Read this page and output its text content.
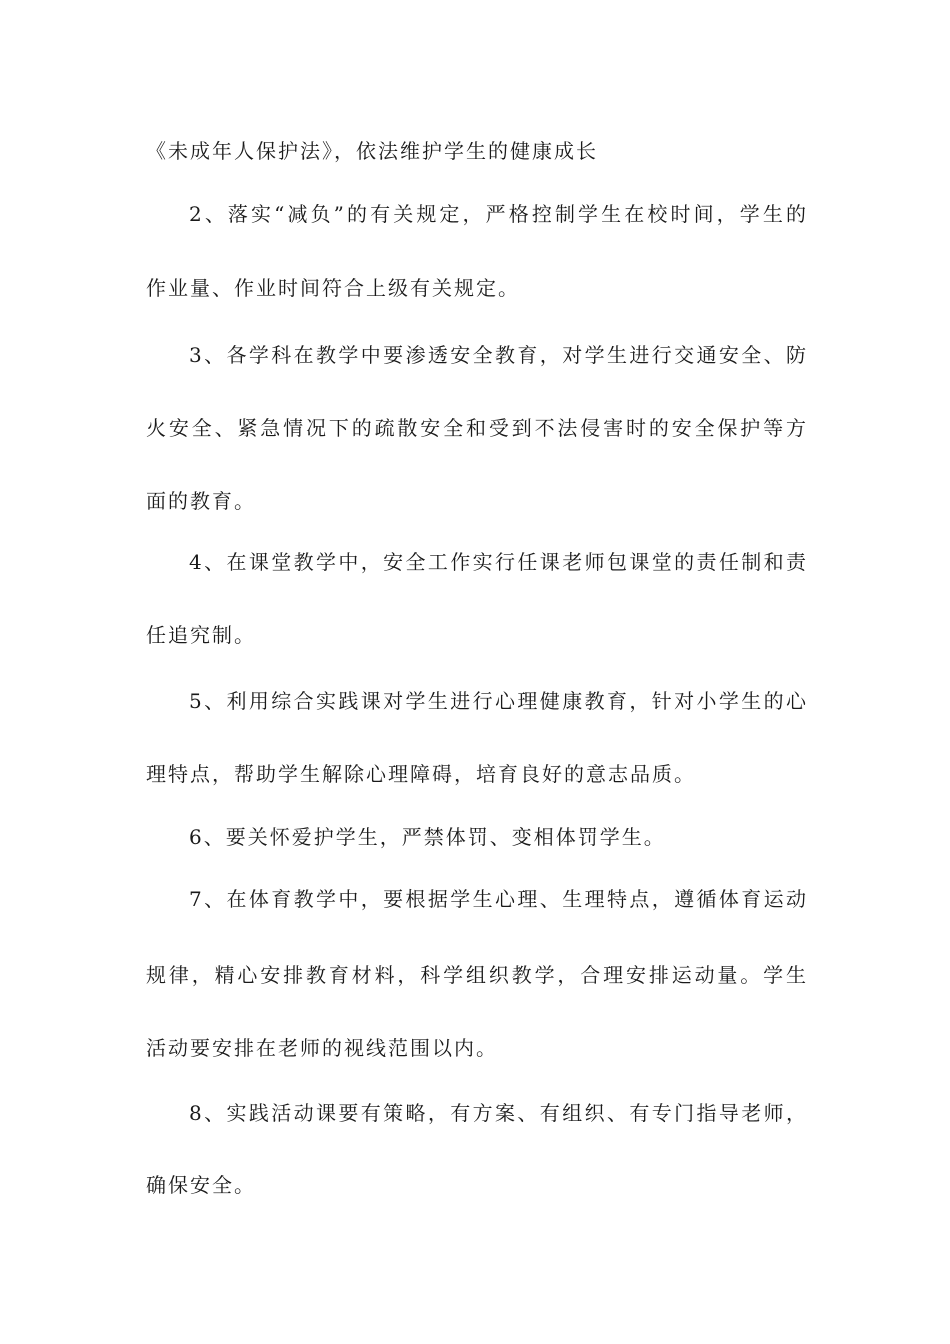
《未成年人保护法》，依法维护学生的健康成长

2、落实“减负”的有关规定，严格控制学生在校时间，学生的

作业量、作业时间符合上级有关规定。

3、各学科在教学中要渗透安全教育，对学生进行交通安全、防

火安全、紧急情况下的疏散安全和受到不法侵害时的安全保护等方

面的教育。

4、在课堂教学中，安全工作实行任课老师包课堂的责任制和责

任追究制。

5、利用综合实践课对学生进行心理健康教育，针对小学生的心

理特点，帮助学生解除心理障碍，培育良好的意志品质。

6、要关怀爱护学生，严禁体罚、变相体罚学生。

7、在体育教学中，要根据学生心理、生理特点，遵循体育运动

规律，精心安排教育材料，科学组织教学，合理安排运动量。学生

活动要安排在老师的视线范围以内。

8、实践活动课要有策略，有方案、有组织、有专门指导老师，

确保安全。
